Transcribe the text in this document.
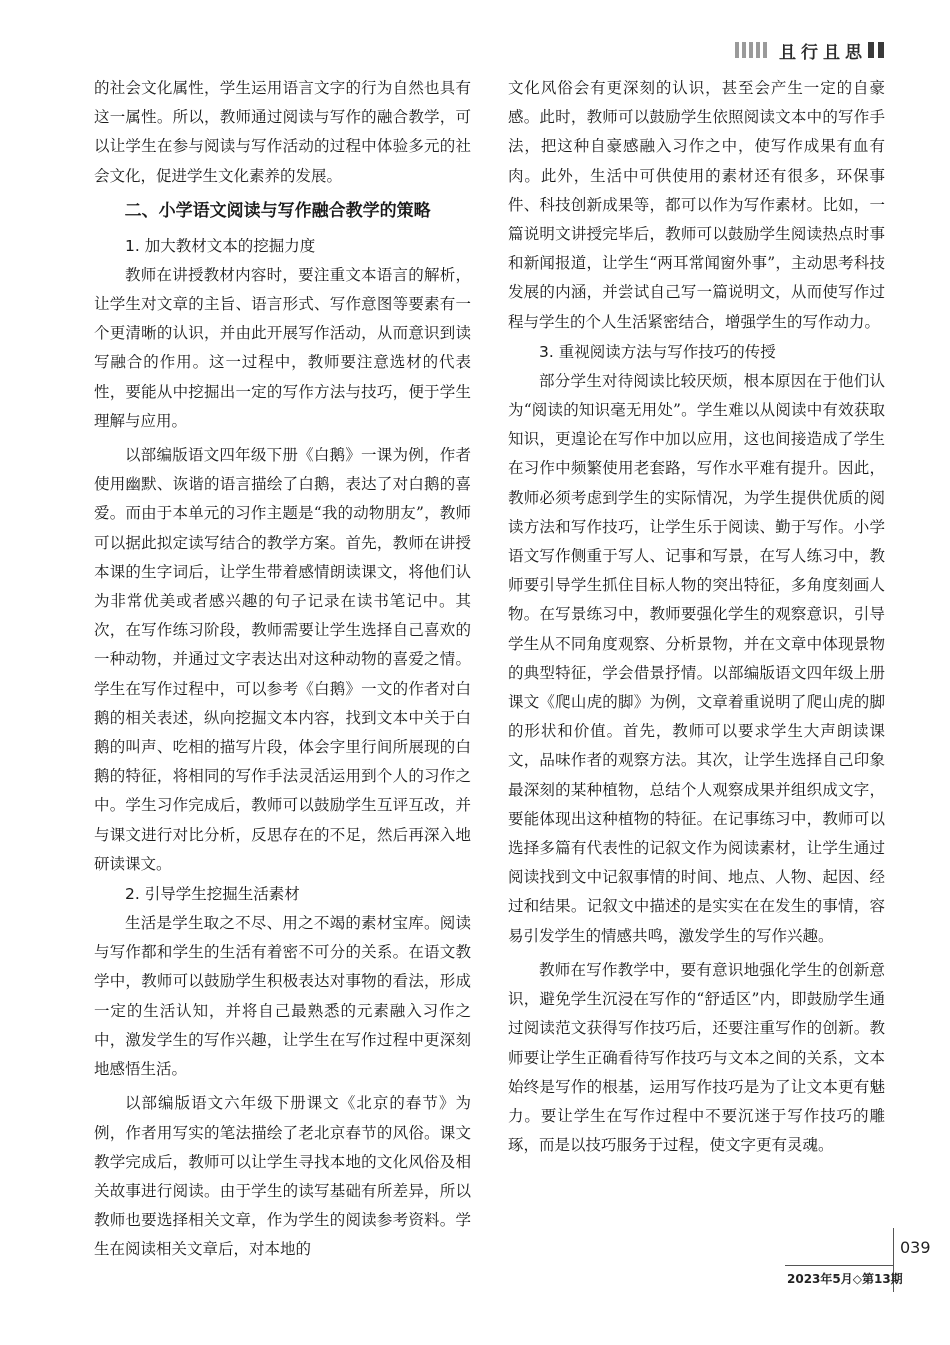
且行且思

的社会文化属性，学生运用语言文字的行为自然也具有这一属性。所以，教师通过阅读与写作的融合教学，可以让学生在参与阅读与写作活动的过程中体验多元的社会文化，促进学生文化素养的发展。

二、小学语文阅读与写作融合教学的策略
1. 加大教材文本的挖掘力度

教师在讲授教材内容时，要注重文本语言的解析，让学生对文章的主旨、语言形式、写作意图等要素有一个更清晰的认识，并由此开展写作活动，从而意识到读写融合的作用。这一过程中，教师要注意选材的代表性，要能从中挖掘出一定的写作方法与技巧，便于学生理解与应用。

以部编版语文四年级下册《白鹅》一课为例，作者使用幽默、诙谐的语言描绘了白鹅，表达了对白鹅的喜爱。而由于本单元的习作主题是“我的动物朋友”，教师可以据此拟定读写结合的教学方案。首先，教师在讲授本课的生字词后，让学生带着感情朗读课文，将他们认为非常优美或者感兴趣的句子记录在读书笔记中。其次，在写作练习阶段，教师需要让学生选择自己喜欢的一种动物，并通过文字表达出对这种动物的喜爱之情。学生在写作过程中，可以参考《白鹅》一文的作者对白鹅的相关表述，纵向挖掘文本内容，找到文本中关于白鹅的叫声、吃相的描写片段，体会字里行间所展现的白鹅的特征，将相同的写作手法灵活运用到个人的习作之中。学生习作完成后，教师可以鼓励学生互评互改，并与课文进行对比分析，反思存在的不足，然后再深入地研读课文。

2. 引导学生挖掘生活素材

生活是学生取之不尽、用之不竭的素材宝库。阅读与写作都和学生的生活有着密不可分的关系。在语文教学中，教师可以鼓励学生积极表达对事物的看法，形成一定的生活认知，并将自己最熟悉的元素融入习作之中，激发学生的写作兴趣，让学生在写作过程中更深刻地感悟生活。

以部编版语文六年级下册课文《北京的春节》为例，作者用写实的笔法描绘了老北京春节的风俗。课文教学完成后，教师可以让学生寻找本地的文化风俗及相关故事进行阅读。由于学生的读写基础有所差异，所以教师也要选择相关文章，作为学生的阅读参考资料。学生在阅读相关文章后，对本地的

文化风俗会有更深刻的认识，甚至会产生一定的自豪感。此时，教师可以鼓励学生依照阅读文本中的写作手法，把这种自豪感融入习作之中，使写作成果有血有肉。此外，生活中可供使用的素材还有很多，环保事件、科技创新成果等，都可以作为写作素材。比如，一篇说明文讲授完毕后，教师可以鼓励学生阅读热点时事和新闻报道，让学生“两耳常闻窗外事”，主动思考科技发展的内涵，并尝试自己写一篇说明文，从而使写作过程与学生的个人生活紧密结合，增强学生的写作动力。

3. 重视阅读方法与写作技巧的传授

部分学生对待阅读比较厌烦，根本原因在于他们认为“阅读的知识毫无用处”。学生难以从阅读中有效获取知识，更遑论在写作中加以应用，这也间接造成了学生在习作中频繁使用老套路，写作水平难有提升。因此，教师必须考虑到学生的实际情况，为学生提供优质的阅读方法和写作技巧，让学生乐于阅读、勤于写作。小学语文写作侧重于写人、记事和写景，在写人练习中，教师要引导学生抓住目标人物的突出特征，多角度刻画人物。在写景练习中，教师要强化学生的观察意识，引导学生从不同角度观察、分析景物，并在文章中体现景物的典型特征，学会借景抒情。以部编版语文四年级上册课文《爬山虎的脚》为例，文章着重说明了爬山虎的脚的形状和价值。首先，教师可以要求学生大声朗读课文，品味作者的观察方法。其次，让学生选择自己印象最深刻的某种植物，总结个人观察成果并组织成文字，要能体现出这种植物的特征。在记事练习中，教师可以选择多篇有代表性的记叙文作为阅读素材，让学生通过阅读找到文中记叙事情的时间、地点、人物、起因、经过和结果。记叙文中描述的是实实在在发生的事情，容易引发学生的情感共鸣，激发学生的写作兴趣。

教师在写作教学中，要有意识地强化学生的创新意识，避免学生沉浸在写作的“舒适区”内，即鼓励学生通过阅读范文获得写作技巧后，还要注重写作的创新。教师要让学生正确看待写作技巧与文本之间的关系，文本始终是写作的根基，运用写作技巧是为了让文本更有魅力。要让学生在写作过程中不要沉迷于写作技巧的雕琢，而是以技巧服务于过程，使文字更有灵魂。

039
2023年5月◇第13期
